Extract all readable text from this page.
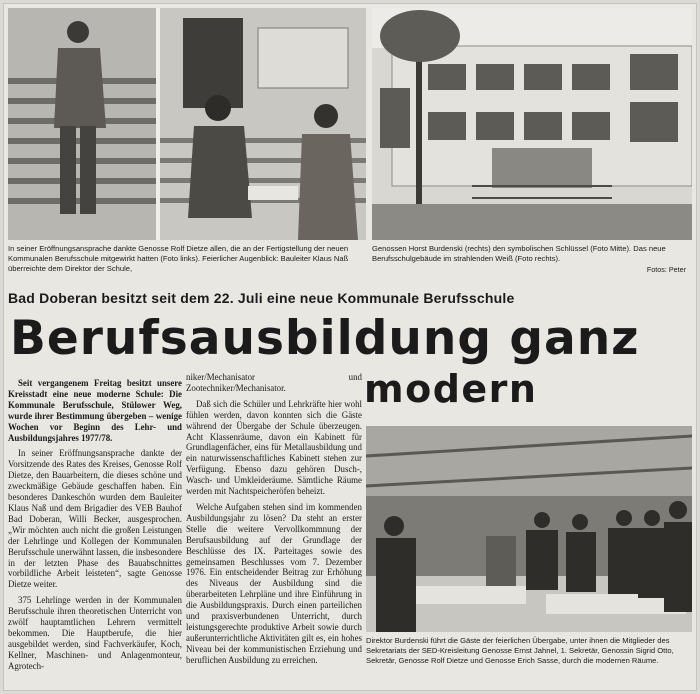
In seiner Eröffnungsansprache dankte Genosse Rolf Dietze allen, die an der Fertigstellung der neuen Kommunalen Berufsschule mitgewirkt hatten (Foto links). Feierlicher Augenblick: Bauleiter Klaus Naß überreichte dem Direktor der Schule,
Genossen Horst Burdenski (rechts) den symbolischen Schlüssel (Foto Mitte). Das neue Berufsschulgebäude im strahlenden Weiß (Foto rechts).
Fotos: Peter
Bad Doberan besitzt seit dem 22. Juli eine neue Kommunale Berufsschule
Berufsausbildung ganz
modern

Seit vergangenem Freitag besitzt unsere Kreisstadt eine neue moderne Schule: Die Kommunale Berufsschule, Stülower Weg, wurde ihrer Bestimmung übergeben – wenige Wochen vor Beginn des Lehr- und Ausbildungsjahres 1977/78.

In seiner Eröffnungsansprache dankte der Vorsitzende des Rates des Kreises, Genosse Rolf Dietze, den Bauarbeitern, die dieses schöne und zweckmäßige Gebäude geschaffen haben. Ein besonderes Dankeschön wurden dem Bauleiter Klaus Naß und dem Brigadier des VEB Bauhof Bad Doberan, Willi Becker, ausgesprochen. „Wir möchten auch nicht die großen Leistungen der Lehrlinge und Kollegen der Kommunalen Berufsschule unerwähnt lassen, die insbesondere in der letzten Phase des Bauabschnittes vorbildliche Arbeit leisteten“, sagte Genosse Dietze weiter.

375 Lehrlinge werden in der Kommunalen Berufsschule ihren theoretischen Unterricht von zwölf hauptamtlichen Lehrern vermittelt bekommen. Die Hauptberufe, die hier ausgebildet werden, sind Fachverkäufer, Koch, Kellner, Maschinen- und Anlagenmonteur, Agrotech-

niker/Mechanisator und Zootechniker/Mechanisator.

Daß sich die Schüler und Lehrkräfte hier wohl fühlen werden, davon konnten sich die Gäste während der Übergabe der Schule überzeugen. Acht Klassenräume, davon ein Kabinett für Grundlagenfächer, eins für Metallausbildung und ein naturwissenschaftliches Kabinett stehen zur Verfügung. Ebenso dazu gehören Dusch-, Wasch- und Umkleideräume. Sämtliche Räume werden mit Nachtspeicheröfen beheizt.

Welche Aufgaben stehen sind im kommenden Ausbildungsjahr zu lösen? Da steht an erster Stelle die weitere Vervollkommnung der Berufsausbildung auf der Grundlage der Beschlüsse des IX. Parteitages sowie des gemeinsamen Beschlusses vom 7. Dezember 1976. Ein entscheidender Beitrag zur Erhöhung des Niveaus der Ausbildung sind die überarbeiteten Lehrpläne und ihre Einführung in die Ausbildungspraxis. Durch einen parteilichen und praxisverbundenen Unterricht, durch leistungsgerechte produktive Arbeit sowie durch außerunterrichtliche Aktivitäten gilt es, ein hohes Niveau bei der kommunistischen Erziehung und beruflichen Ausbildung zu erreichen.

Direktor Burdenski führt die Gäste der feierlichen Übergabe, unter ihnen die Mitglieder des Sekretariats der SED-Kreisleitung Genosse Ernst Jahnel, 1. Sekretär, Genossin Sigrid Otto, Sekretär, Genosse Rolf Dietze und Genosse Erich Sasse, durch die modernen Räume.
